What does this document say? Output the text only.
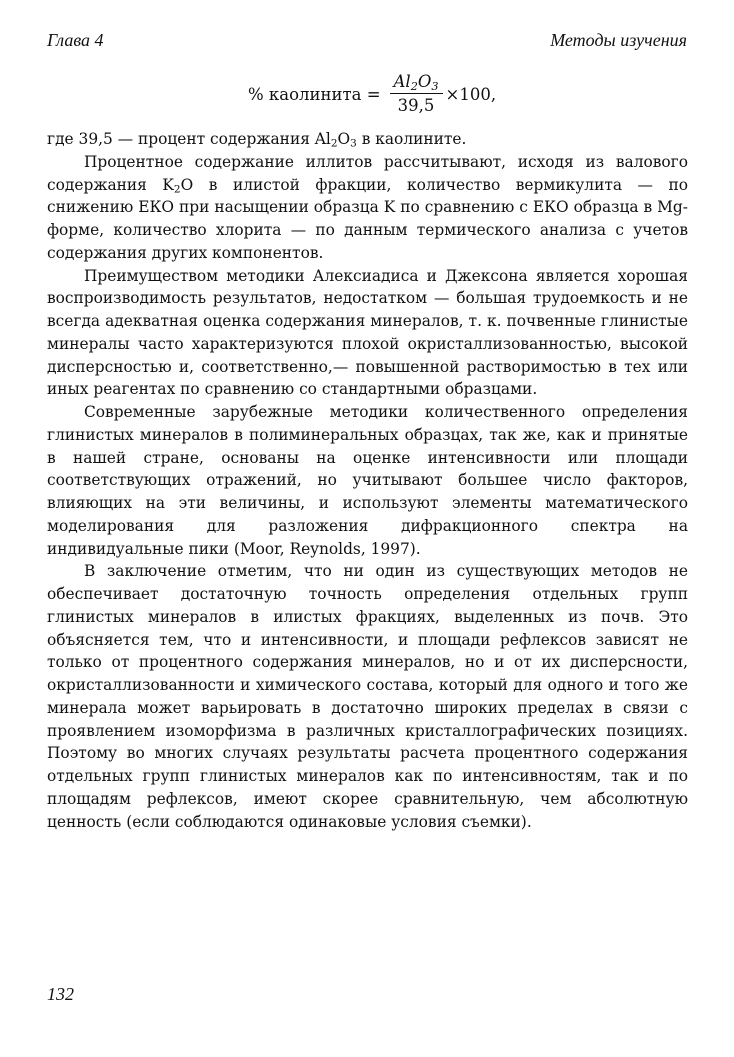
Глава 4	Методы изучения
% каолинита = $\frac{Al_2O_3}{39,5} \times 100$,

где 39,5 — процент содержания $Al_2O_3$ в каолините.

Процентное содержание иллитов рассчитывают, исходя из валового содержания $K_2O$ в илистой фракции, количество вермикулита — по снижению ЕКО при насыщении образца K по сравнению с ЕКО образца в Mg-форме, количество хлорита — по данным термического анализа с учетов содержания других компонентов.

Преимуществом методики Алексиадиса и Джексона является хорошая воспроизводимость результатов, недостатком — большая трудоемкость и не всегда адекватная оценка содержания минералов, т. к. почвенные глинистые минералы часто характеризуются плохой окристаллизованностью, высокой дисперсностью и, соответственно,— повышенной растворимостью в тех или иных реагентах по сравнению со стандартными образцами.

Современные зарубежные методики количественного определения глинистых минералов в полиминеральных образцах, так же, как и принятые в нашей стране, основаны на оценке интенсивности или площади соответствующих отражений, но учитывают большее число факторов, влияющих на эти величины, и используют элементы математического моделирования для разложения дифракционного спектра на индивидуальные пики (Moor, Reynolds, 1997).

В заключение отметим, что ни один из существующих методов не обеспечивает достаточную точность определения отдельных групп глинистых минералов в илистых фракциях, выделенных из почв. Это объясняется тем, что и интенсивности, и площади рефлексов зависят не только от процентного содержания минералов, но и от их дисперсности, окристаллизованности и химического состава, который для одного и того же минерала может варьировать в достаточно широких пределах в связи с проявлением изоморфизма в различных кристаллографических позициях. Поэтому во многих случаях результаты расчета процентного содержания отдельных групп глинистых минералов как по интенсивностям, так и по площадям рефлексов, имеют скорее сравнительную, чем абсолютную ценность (если соблюдаются одинаковые условия съемки).

132
